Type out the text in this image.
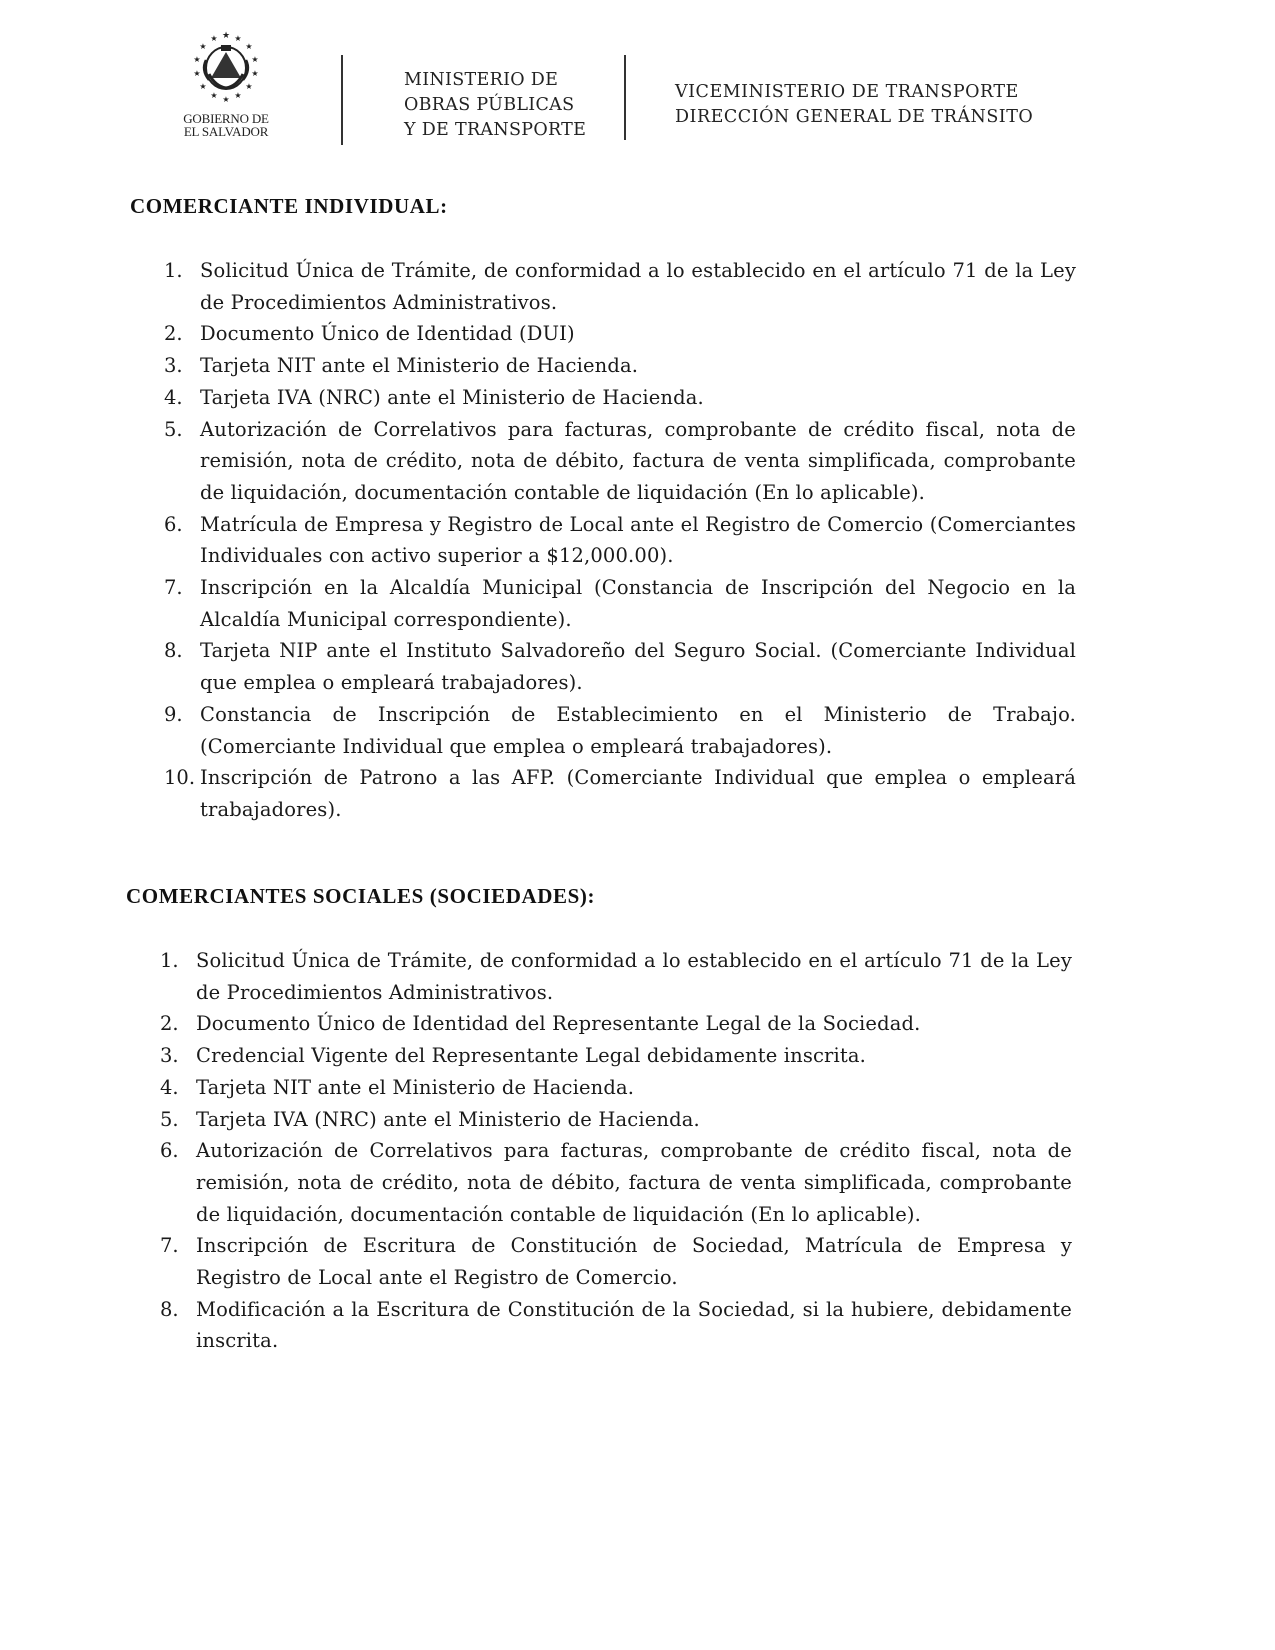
★
★ ★
★	★
★	★
★	★
★	★
★ ★
★
GOBIERNO DE
EL SALVADOR
MINISTERIO DE
OBRAS PÚBLICAS
Y DE TRANSPORTE
VICEMINISTERIO DE TRANSPORTE
DIRECCIÓN GENERAL DE TRÁNSITO
COMERCIANTE INDIVIDUAL:
1. Solicitud Única de Trámite, de conformidad a lo establecido en el artículo 71 de la Ley de Procedimientos Administrativos.
2. Documento Único de Identidad (DUI)
3. Tarjeta NIT ante el Ministerio de Hacienda.
4. Tarjeta IVA (NRC) ante el Ministerio de Hacienda.
5. Autorización de Correlativos para facturas, comprobante de crédito fiscal, nota de remisión, nota de crédito, nota de débito, factura de venta simplificada, comprobante de liquidación, documentación contable de liquidación (En lo aplicable).
6. Matrícula de Empresa y Registro de Local ante el Registro de Comercio (Comerciantes Individuales con activo superior a $12,000.00).
7. Inscripción en la Alcaldía Municipal (Constancia de Inscripción del Negocio en la Alcaldía Municipal correspondiente).
8. Tarjeta NIP ante el Instituto Salvadoreño del Seguro Social. (Comerciante Individual que emplea o empleará trabajadores).
9. Constancia de Inscripción de Establecimiento en el Ministerio de Trabajo. (Comerciante Individual que emplea o empleará trabajadores).
10. Inscripción de Patrono a las AFP. (Comerciante Individual que emplea o empleará trabajadores).
COMERCIANTES SOCIALES (SOCIEDADES):
1. Solicitud Única de Trámite, de conformidad a lo establecido en el artículo 71 de la Ley de Procedimientos Administrativos.
2. Documento Único de Identidad del Representante Legal de la Sociedad.
3. Credencial Vigente del Representante Legal debidamente inscrita.
4. Tarjeta NIT ante el Ministerio de Hacienda.
5. Tarjeta IVA (NRC) ante el Ministerio de Hacienda.
6. Autorización de Correlativos para facturas, comprobante de crédito fiscal, nota de remisión, nota de crédito, nota de débito, factura de venta simplificada, comprobante de liquidación, documentación contable de liquidación (En lo aplicable).
7. Inscripción de Escritura de Constitución de Sociedad, Matrícula de Empresa y Registro de Local ante el Registro de Comercio.
8. Modificación a la Escritura de Constitución de la Sociedad, si la hubiere, debidamente inscrita.
